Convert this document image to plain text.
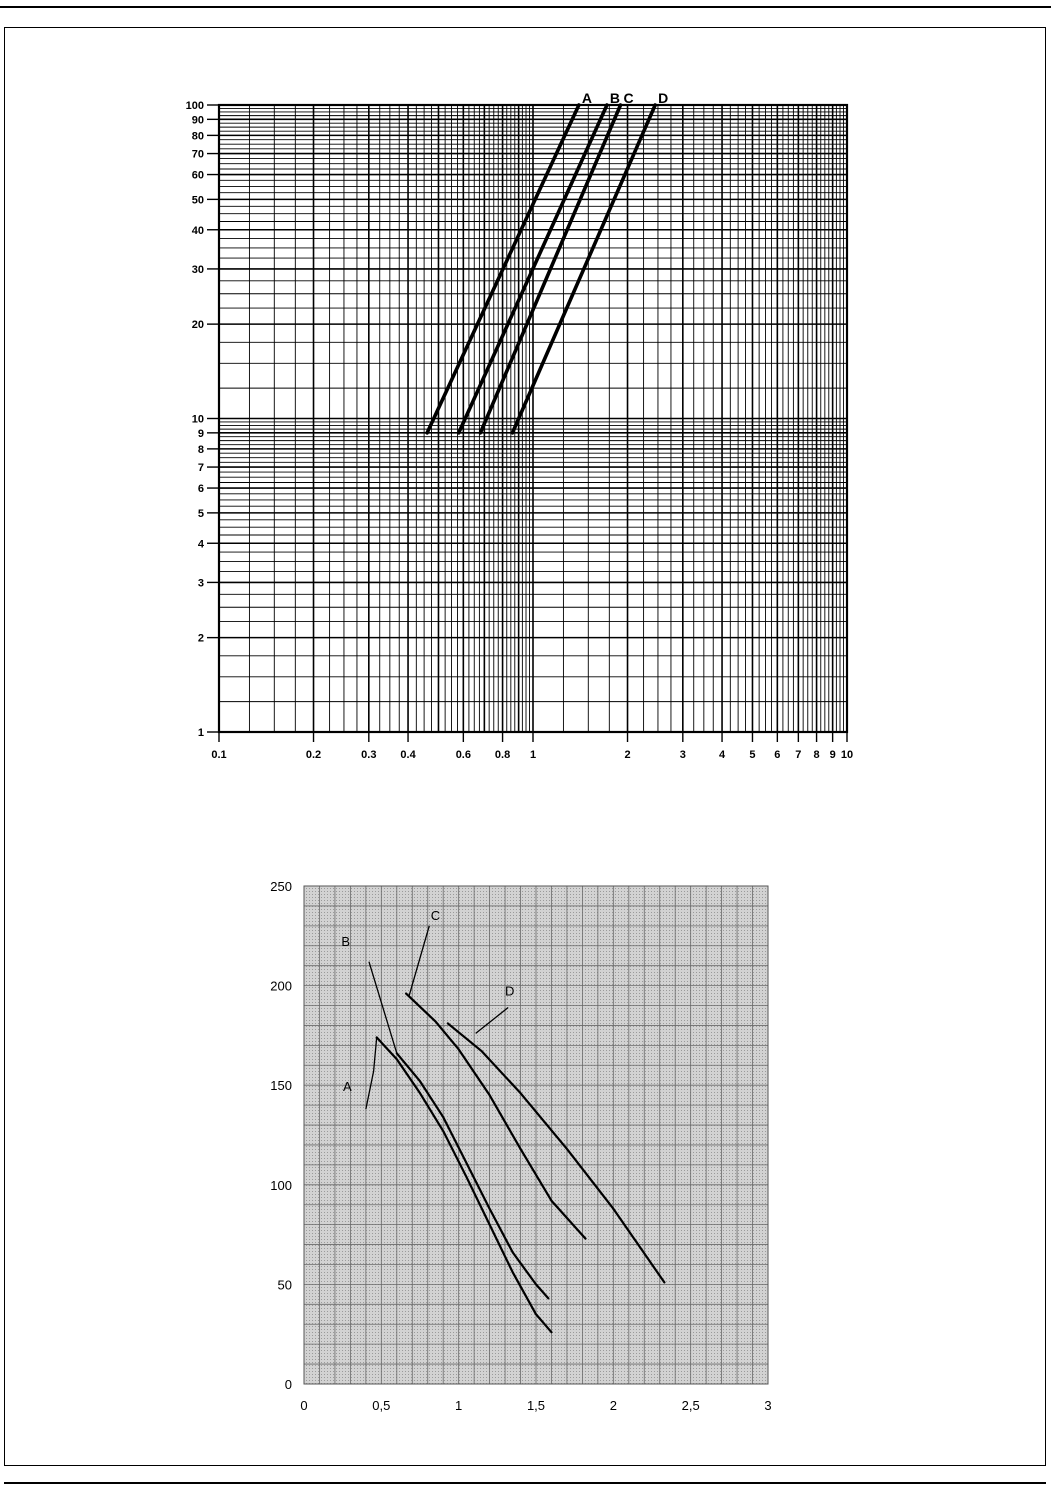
1
2
3
4
5
6
7
8
9
10
20
30
40
50
60
70
80
90
100
0.1	0.2	0.3 0.4	0.6 0.8 1	2	3	4 5 6 7 8 9 10
A B C D
0
50
100
150
200
250
0	0,5	1	1,5	2	2,5	3
A
B
C
D
